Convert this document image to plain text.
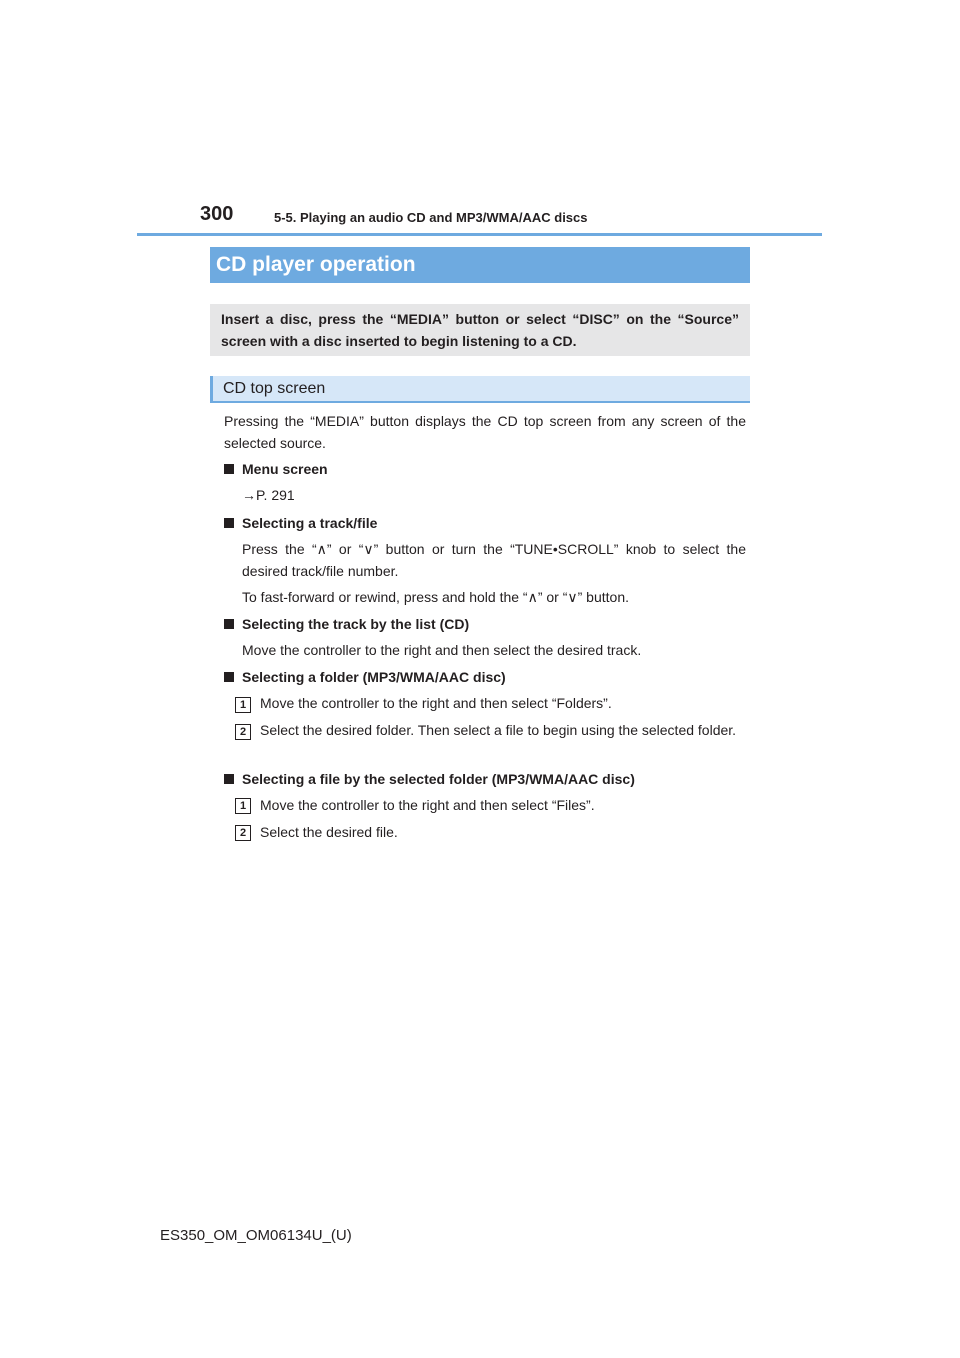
300	5-5. Playing an audio CD and MP3/WMA/AAC discs
CD player operation
Insert a disc, press the “MEDIA” button or select “DISC” on the “Source” screen with a disc inserted to begin listening to a CD.
CD top screen
Pressing the “MEDIA” button displays the CD top screen from any screen of the selected source.
Menu screen
→P. 291
Selecting a track/file
Press the “∧” or “∨” button or turn the “TUNE•SCROLL” knob to select the desired track/file number.
To fast-forward or rewind, press and hold the “∧” or “∨” button.
Selecting the track by the list (CD)
Move the controller to the right and then select the desired track.
Selecting a folder (MP3/WMA/AAC disc)
1 Move the controller to the right and then select “Folders”.
2 Select the desired folder. Then select a file to begin using the selected folder.
Selecting a file by the selected folder (MP3/WMA/AAC disc)
1 Move the controller to the right and then select “Files”.
2 Select the desired file.
ES350_OM_OM06134U_(U)
